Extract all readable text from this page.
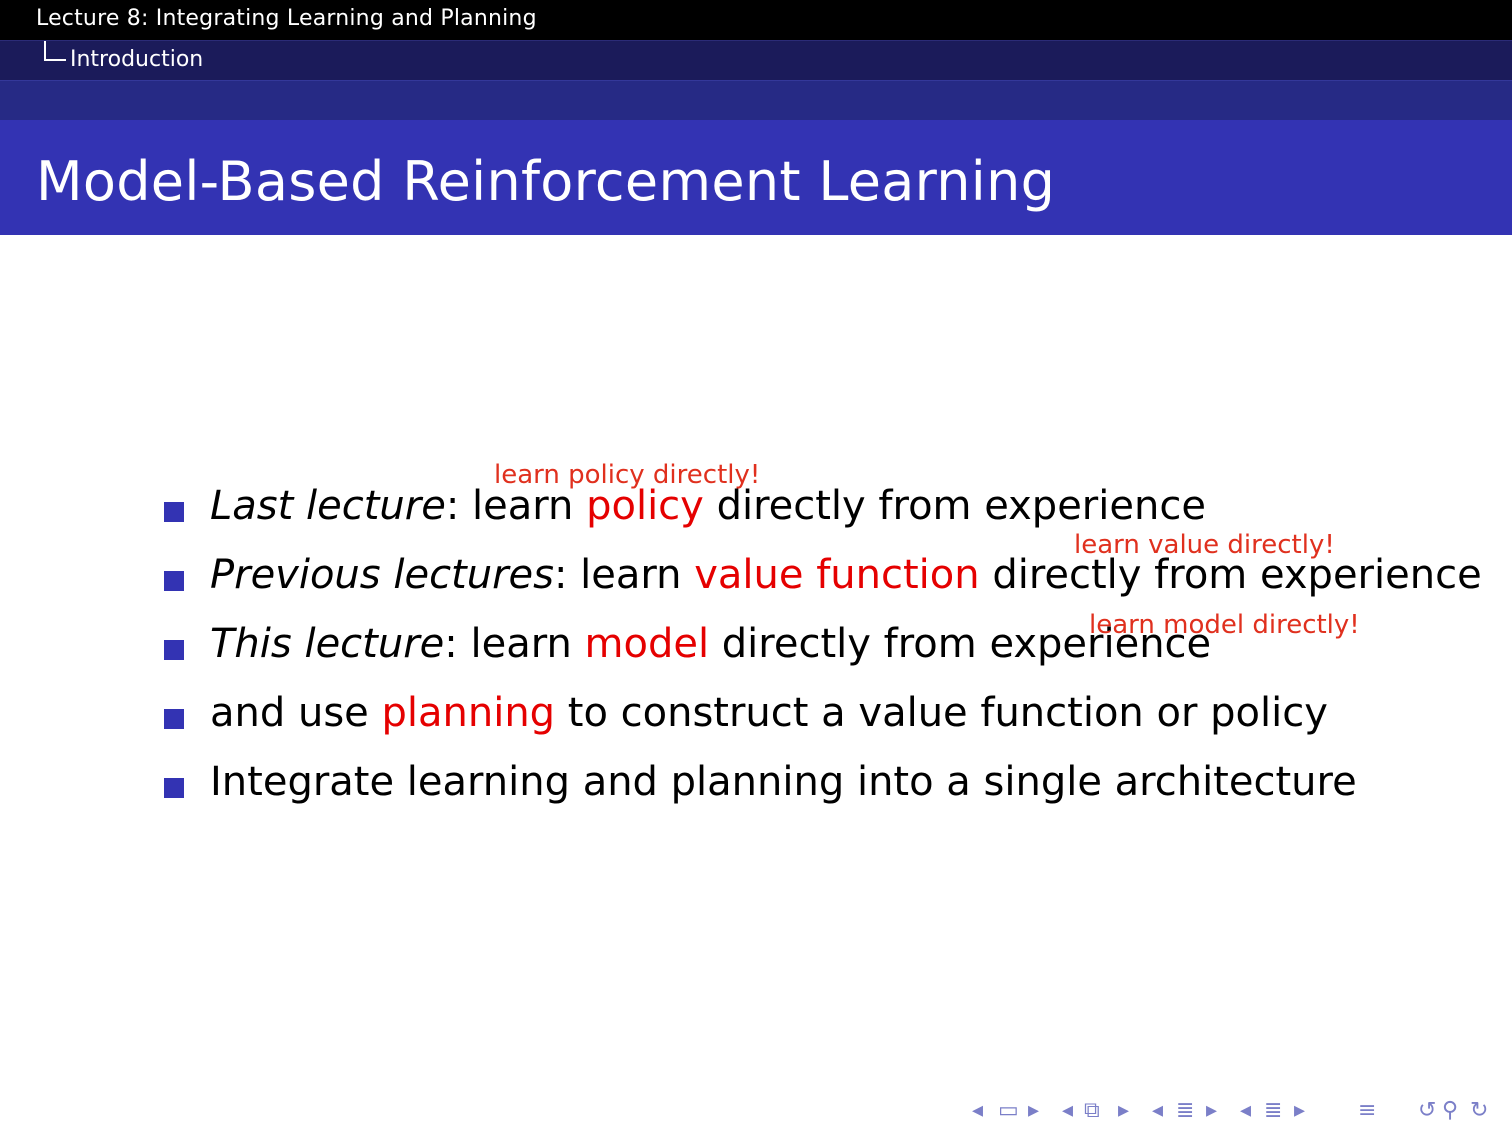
Lecture 8: Integrating Learning and Planning
Introduction
Model-Based Reinforcement Learning
Last lecture: learn policy directly from experience
Previous lectures: learn value function directly from experience
This lecture: learn model directly from experience
and use planning to construct a value function or policy
Integrate learning and planning into a single architecture
learn policy directly!
learn value directly!
learn model directly!
◂ ▭ ▸ ◂ ⧉ ▸ ◂ ≣ ▸ ◂ ≣ ▸ ≡ ↺ ⚲ ↻
